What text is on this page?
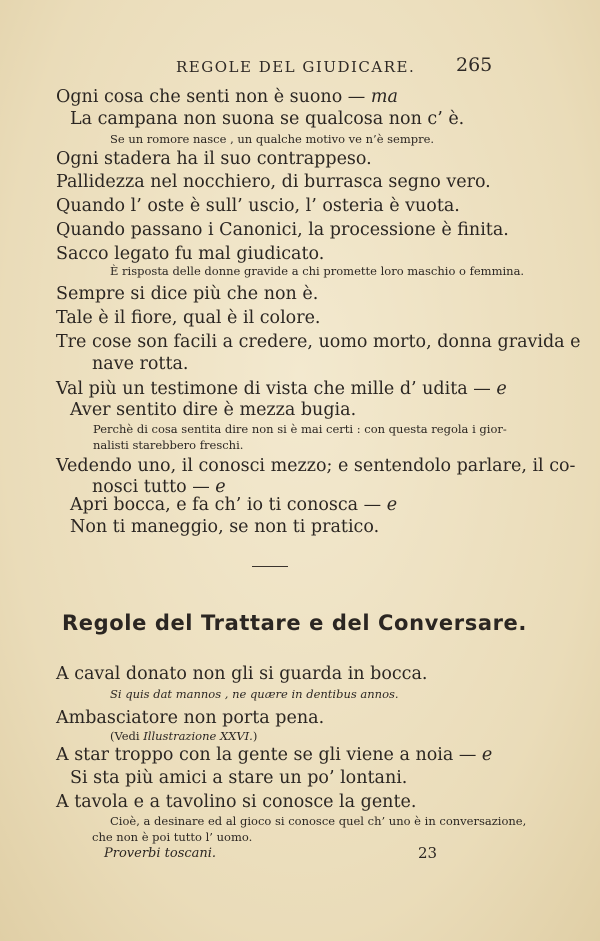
REGOLE DEL GIUDICARE. 265
Ogni cosa che senti non è suono — ma
La campana non suona se qualcosa non c’ è.
Se un romore nasce , un qualche motivo ve n’è sempre.
Ogni stadera ha il suo contrappeso.
Pallidezza nel nocchiero, di burrasca segno vero.
Quando l’ oste è sull’ uscio, l’ osteria è vuota.
Quando passano i Canonici, la processione è finita.
Sacco legato fu mal giudicato.
È risposta delle donne gravide a chi promette loro maschio o femmina.
Sempre si dice più che non è.
Tale è il fiore, qual è il colore.
Tre cose son facili a credere, uomo morto, donna gravida e
nave rotta.
Val più un testimone di vista che mille d’ udita — e
Aver sentito dire è mezza bugia.
Perchè di cosa sentita dire non si è mai certi : con questa regola i gior-
nalisti starebbero freschi.
Vedendo uno, il conosci mezzo; e sentendolo parlare, il co-
nosci tutto — e
Apri bocca, e fa ch’ io ti conosca — e
Non ti maneggio, se non ti pratico.
Regole del Trattare e del Conversare.
A caval donato non gli si guarda in bocca.
Si quis dat mannos , ne quære in dentibus annos.
Ambasciatore non porta pena.
(Vedi Illustrazione XXVI.)
A star troppo con la gente se gli viene a noia — e
Si sta più amici a stare un po’ lontani.
A tavola e a tavolino si conosce la gente.
Cioè, a desinare ed al gioco si conosce quel ch’ uno è in conversazione,
che non è poi tutto l’ uomo.
Proverbi toscani.	23
